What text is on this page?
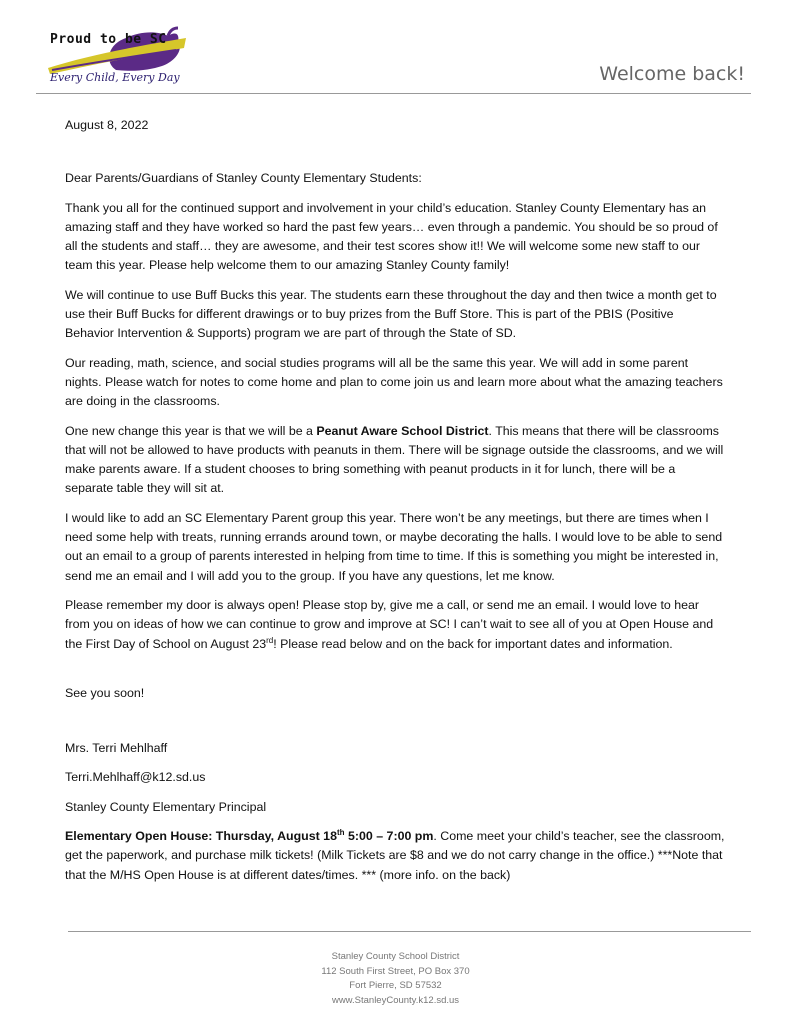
Proud to be SC
Every Child, Every Day	Welcome back!

August 8, 2022

Dear Parents/Guardians of Stanley County Elementary Students:

Thank you all for the continued support and involvement in your child’s education. Stanley County Elementary has an amazing staff and they have worked so hard the past few years… even through a pandemic. You should be so proud of all the students and staff… they are awesome, and their test scores show it!! We will welcome some new staff to our team this year. Please help welcome them to our amazing Stanley County family!

We will continue to use Buff Bucks this year. The students earn these throughout the day and then twice a month get to use their Buff Bucks for different drawings or to buy prizes from the Buff Store. This is part of the PBIS (Positive Behavior Intervention & Supports) program we are part of through the State of SD.

Our reading, math, science, and social studies programs will all be the same this year. We will add in some parent nights. Please watch for notes to come home and plan to come join us and learn more about what the amazing teachers are doing in the classrooms.

One new change this year is that we will be a Peanut Aware School District. This means that there will be classrooms that will not be allowed to have products with peanuts in them. There will be signage outside the classrooms, and we will make parents aware. If a student chooses to bring something with peanut products in it for lunch, there will be a separate table they will sit at.

I would like to add an SC Elementary Parent group this year. There won’t be any meetings, but there are times when I need some help with treats, running errands around town, or maybe decorating the halls. I would love to be able to send out an email to a group of parents interested in helping from time to time. If this is something you might be interested in, send me an email and I will add you to the group. If you have any questions, let me know.

Please remember my door is always open! Please stop by, give me a call, or send me an email. I would love to hear from you on ideas of how we can continue to grow and improve at SC! I can’t wait to see all of you at Open House and the First Day of School on August 23rd! Please read below and on the back for important dates and information.

See you soon!

Mrs. Terri Mehlhaff

Terri.Mehlhaff@k12.sd.us

Stanley County Elementary Principal

Elementary Open House: Thursday, August 18th 5:00 – 7:00 pm. Come meet your child’s teacher, see the classroom, get the paperwork, and purchase milk tickets! (Milk Tickets are $8 and we do not carry change in the office.) ***Note that that the M/HS Open House is at different dates/times. *** (more info. on the back)

Stanley County School District
112 South First Street, PO Box 370
Fort Pierre, SD 57532
www.StanleyCounty.k12.sd.us
